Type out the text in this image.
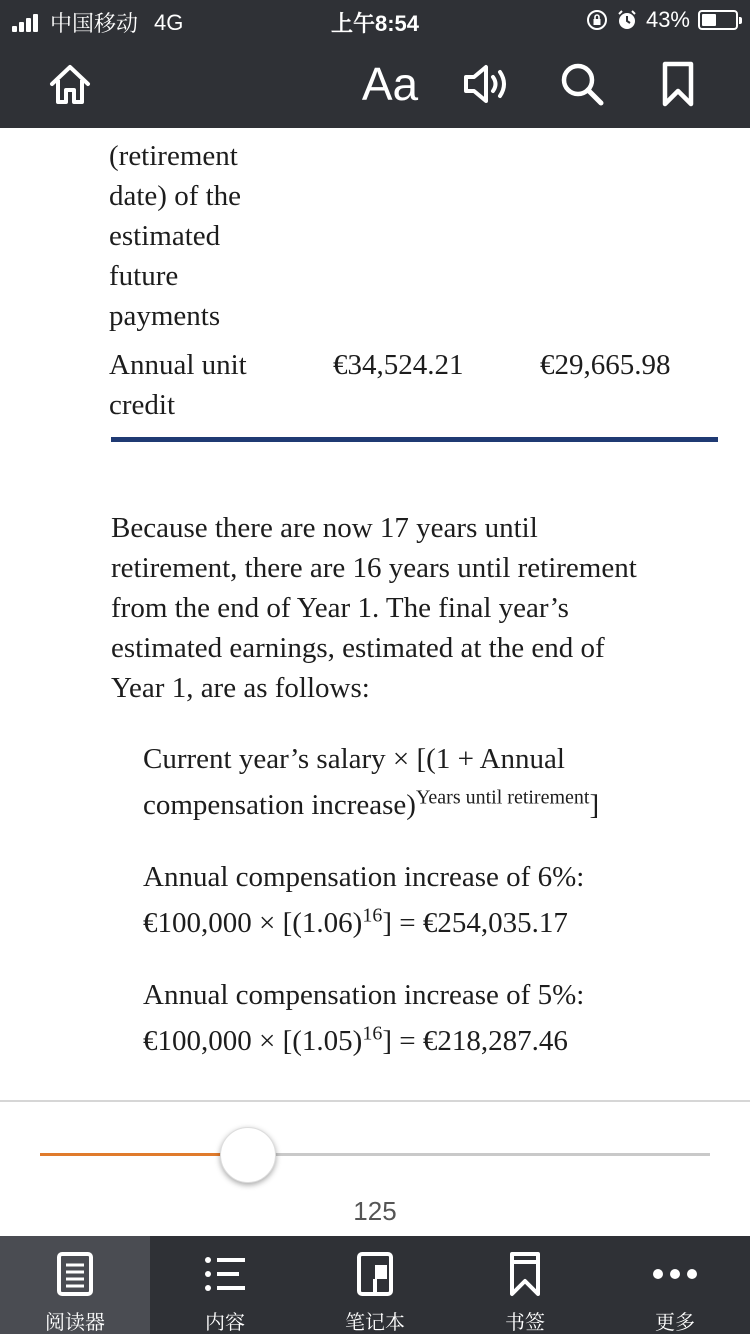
中国移动 4G	上午8:54	43%
Aa
(retirement
date) of the
estimated
future
payments
Annual unit
credit
€34,524.21	€29,665.98
Because there are now 17 years until
retirement, there are 16 years until retirement
from the end of Year 1. The final year’s
estimated earnings, estimated at the end of
Year 1, are as follows:
Current year’s salary × [(1 + Annual
compensation increase)$^{Years until retirement}$]
Annual compensation increase of 6%:
€100,000 × $[(1.06)^{16}]$ = €254,035.17
Annual compensation increase of 5%:
€100,000 × $[(1.05)^{16}]$ = €218,287.46
125
阅读器	内容	笔记本	书签	更多
